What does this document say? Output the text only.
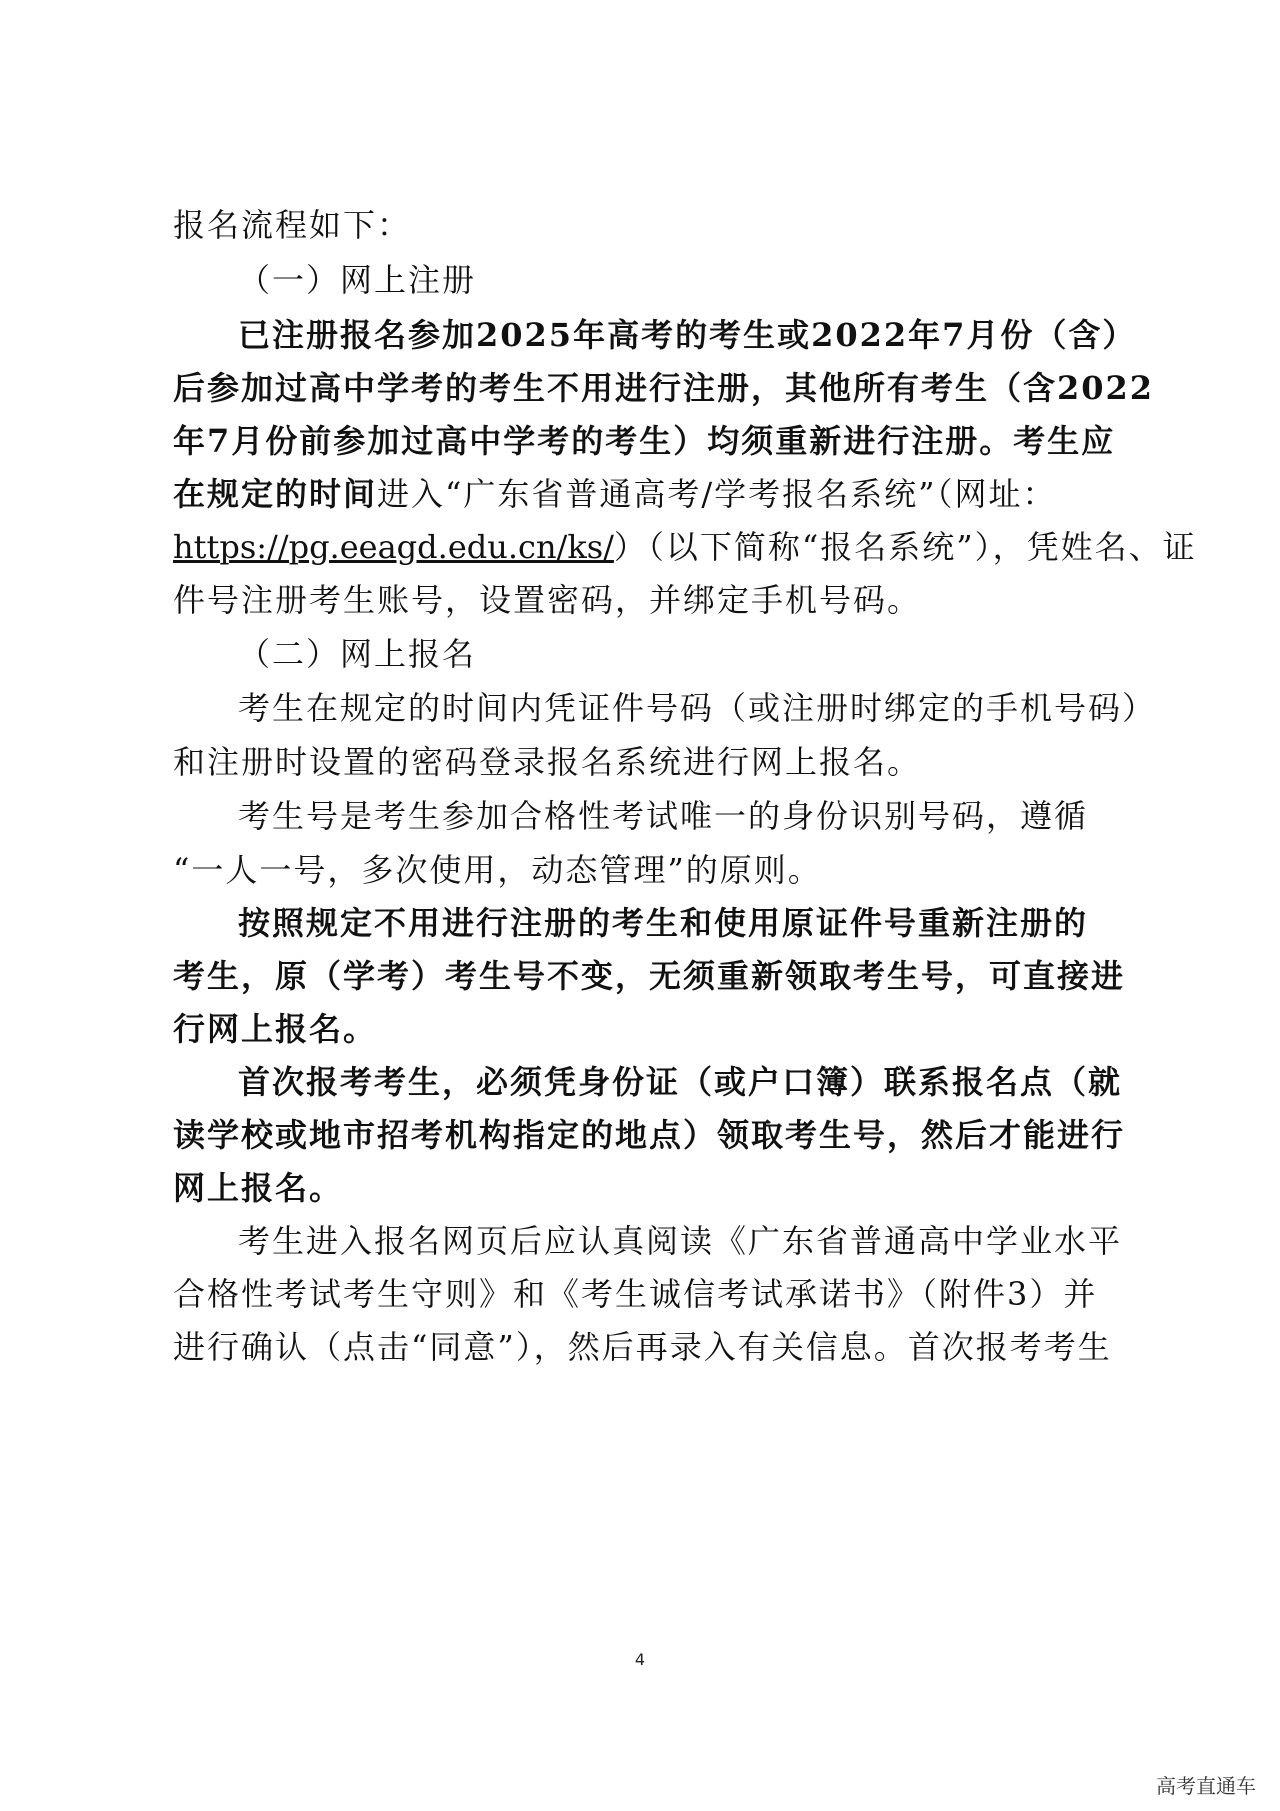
报名流程如下：
（一）网上注册
已注册报名参加2025年高考的考生或2022年7月份（含）
后参加过高中学考的考生不用进行注册，其他所有考生（含2022
年7月份前参加过高中学考的考生）均须重新进行注册。考生应
在规定的时间进入“广东省普通高考/学考报名系统”（网址：
https://pg.eeagd.edu.cn/ks/）（以下简称“报名系统”），凭姓名、证
件号注册考生账号，设置密码，并绑定手机号码。
（二）网上报名
考生在规定的时间内凭证件号码（或注册时绑定的手机号码）
和注册时设置的密码登录报名系统进行网上报名。
考生号是考生参加合格性考试唯一的身份识别号码，遵循
“一人一号，多次使用，动态管理”的原则。
按照规定不用进行注册的考生和使用原证件号重新注册的
考生，原（学考）考生号不变，无须重新领取考生号，可直接进
行网上报名。
首次报考考生，必须凭身份证（或户口簿）联系报名点（就
读学校或地市招考机构指定的地点）领取考生号，然后才能进行
网上报名。
考生进入报名网页后应认真阅读《广东省普通高中学业水平
合格性考试考生守则》和《考生诚信考试承诺书》（附件3）并
进行确认（点击“同意”），然后再录入有关信息。首次报考考生
4
高考直通车
